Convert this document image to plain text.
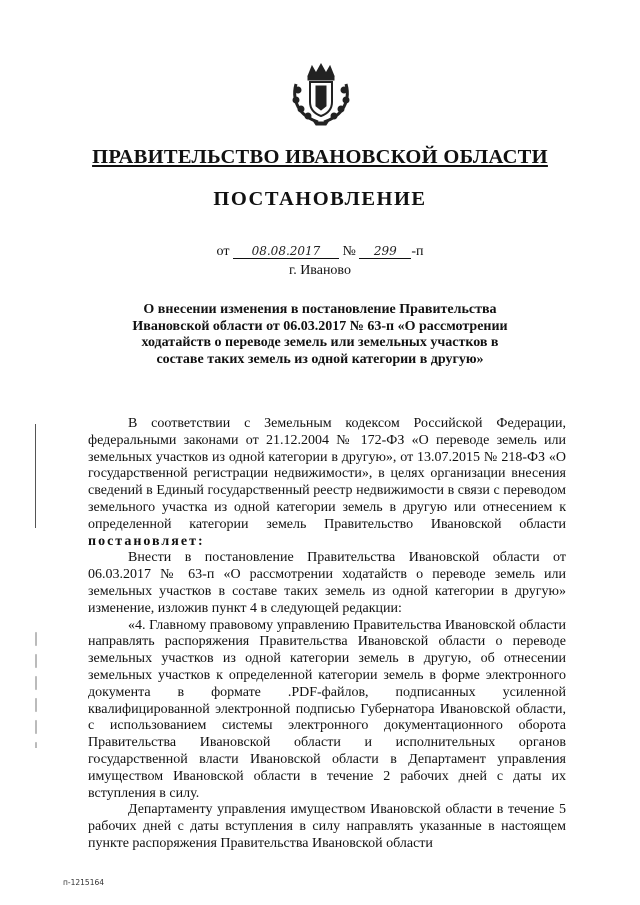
ПРАВИТЕЛЬСТВО ИВАНОВСКОЙ ОБЛАСТИ
ПОСТАНОВЛЕНИЕ
от 08.08.2017 № 299 -п
г. Иваново
О внесении изменения в постановление Правительства Ивановской области от 06.03.2017 № 63-п «О рассмотрении ходатайств о переводе земель или земельных участков в составе таких земель из одной категории в другую»

В соответствии с Земельным кодексом Российской Федерации, федеральными законами от 21.12.2004 № 172-ФЗ «О переводе земель или земельных участков из одной категории в другую», от 13.07.2015 № 218-ФЗ «О государственной регистрации недвижимости», в целях организации внесения сведений в Единый государственный реестр недвижимости в связи с переводом земельного участка из одной категории земель в другую или отнесением к определенной категории земель Правительство Ивановской области постановляет:

Внести в постановление Правительства Ивановской области от 06.03.2017 № 63-п «О рассмотрении ходатайств о переводе земель или земельных участков в составе таких земель из одной категории в другую» изменение, изложив пункт 4 в следующей редакции:

«4. Главному правовому управлению Правительства Ивановской области направлять распоряжения Правительства Ивановской области о переводе земельных участков из одной категории земель в другую, об отнесении земельных участков к определенной категории земель в форме электронного документа в формате .PDF-файлов, подписанных усиленной квалифицированной электронной подписью Губернатора Ивановской области, с использованием системы электронного документационного оборота Правительства Ивановской области и исполнительных органов государственной власти Ивановской области в Департамент управления имуществом Ивановской области в течение 2 рабочих дней с даты их вступления в силу.

Департаменту управления имуществом Ивановской области в течение 5 рабочих дней с даты вступления в силу направлять указанные в настоящем пункте распоряжения Правительства Ивановской области

п-1215164
